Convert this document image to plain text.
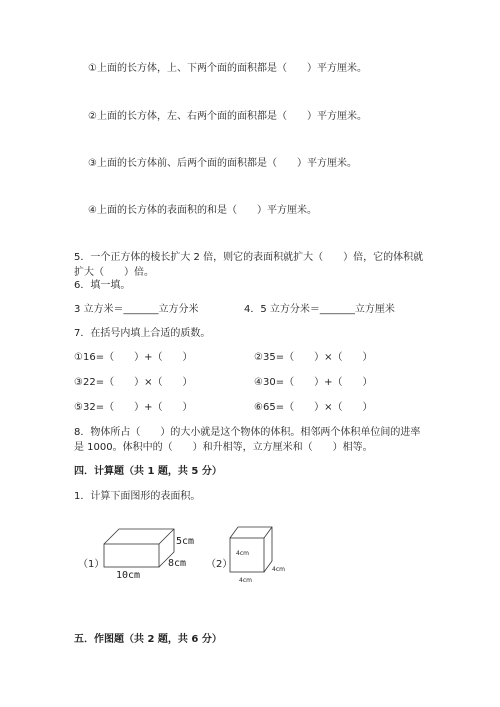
①上面的长方体，上、下两个面的面积都是（　　）平方厘米。
②上面的长方体，左、右两个面的面积都是（　　）平方厘米。
③上面的长方体前、后两个面的面积都是（　　）平方厘米。
④上面的长方体的表面积的和是（　　）平方厘米。
5．一个正方体的棱长扩大 2 倍，则它的表面积就扩大（　　）倍，它的体积就
扩大（　　）倍。
6．填一填。
3 立方米＝_______立方分米	4．5 立方分米＝_______立方厘米
7．在括号内填上合适的质数。
①16=（　　）+（　　）	②35=（　　）×（　　）
③22=（　　）×（　　）	④30=（　　）+（　　）
⑤32=（　　）+（　　）	⑥65=（　　）×（　　）
8．物体所占（　　）的大小就是这个物体的体积。相邻两个体积单位间的进率
是 1000。体积中的（　　）和升相等，立方厘米和（　　）相等。
四．计算题（共 1 题，共 5 分）
1．计算下面图形的表面积。
（1）
5cm
8cm
10cm
（2）
4cm
4cm
4cm
五．作图题（共 2 题，共 6 分）
